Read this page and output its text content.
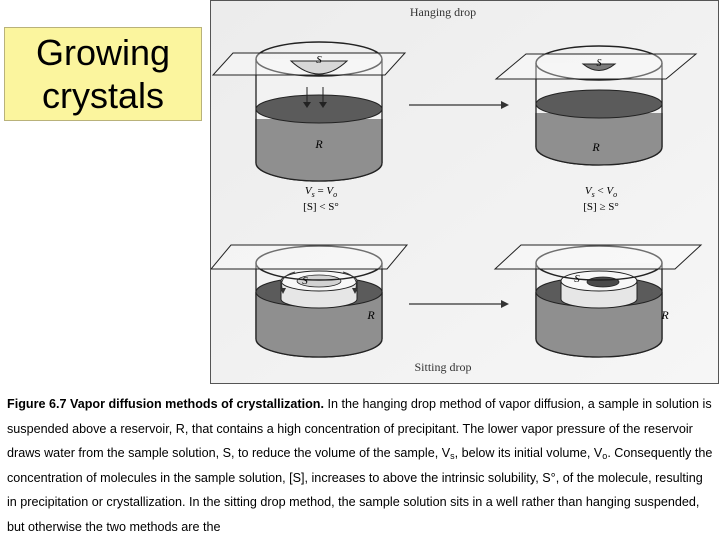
Growing
crystals
Hanging drop
S
R
S
R
$V_s = V_o$
[S] < S°
$V_s < V_o$
[S] ≥ S°
S
R
S
R
Sitting drop
Figure 6.7 Vapor diffusion methods of crystallization. In the hanging drop method of vapor diffusion, a sample in solution is suspended above a reservoir, R, that contains a high concentration of precipitant. The lower vapor pressure of the reservoir draws water from the sample solution, S, to reduce the volume of the sample, $V_s$, below its initial volume, $V_o$. Consequently the concentration of molecules in the sample solution, [S], increases to above the intrinsic solubility, S°, of the molecule, resulting in precipitation or crystallization. In the sitting drop method, the sample solution sits in a well rather than hanging suspended, but otherwise the two methods are the
